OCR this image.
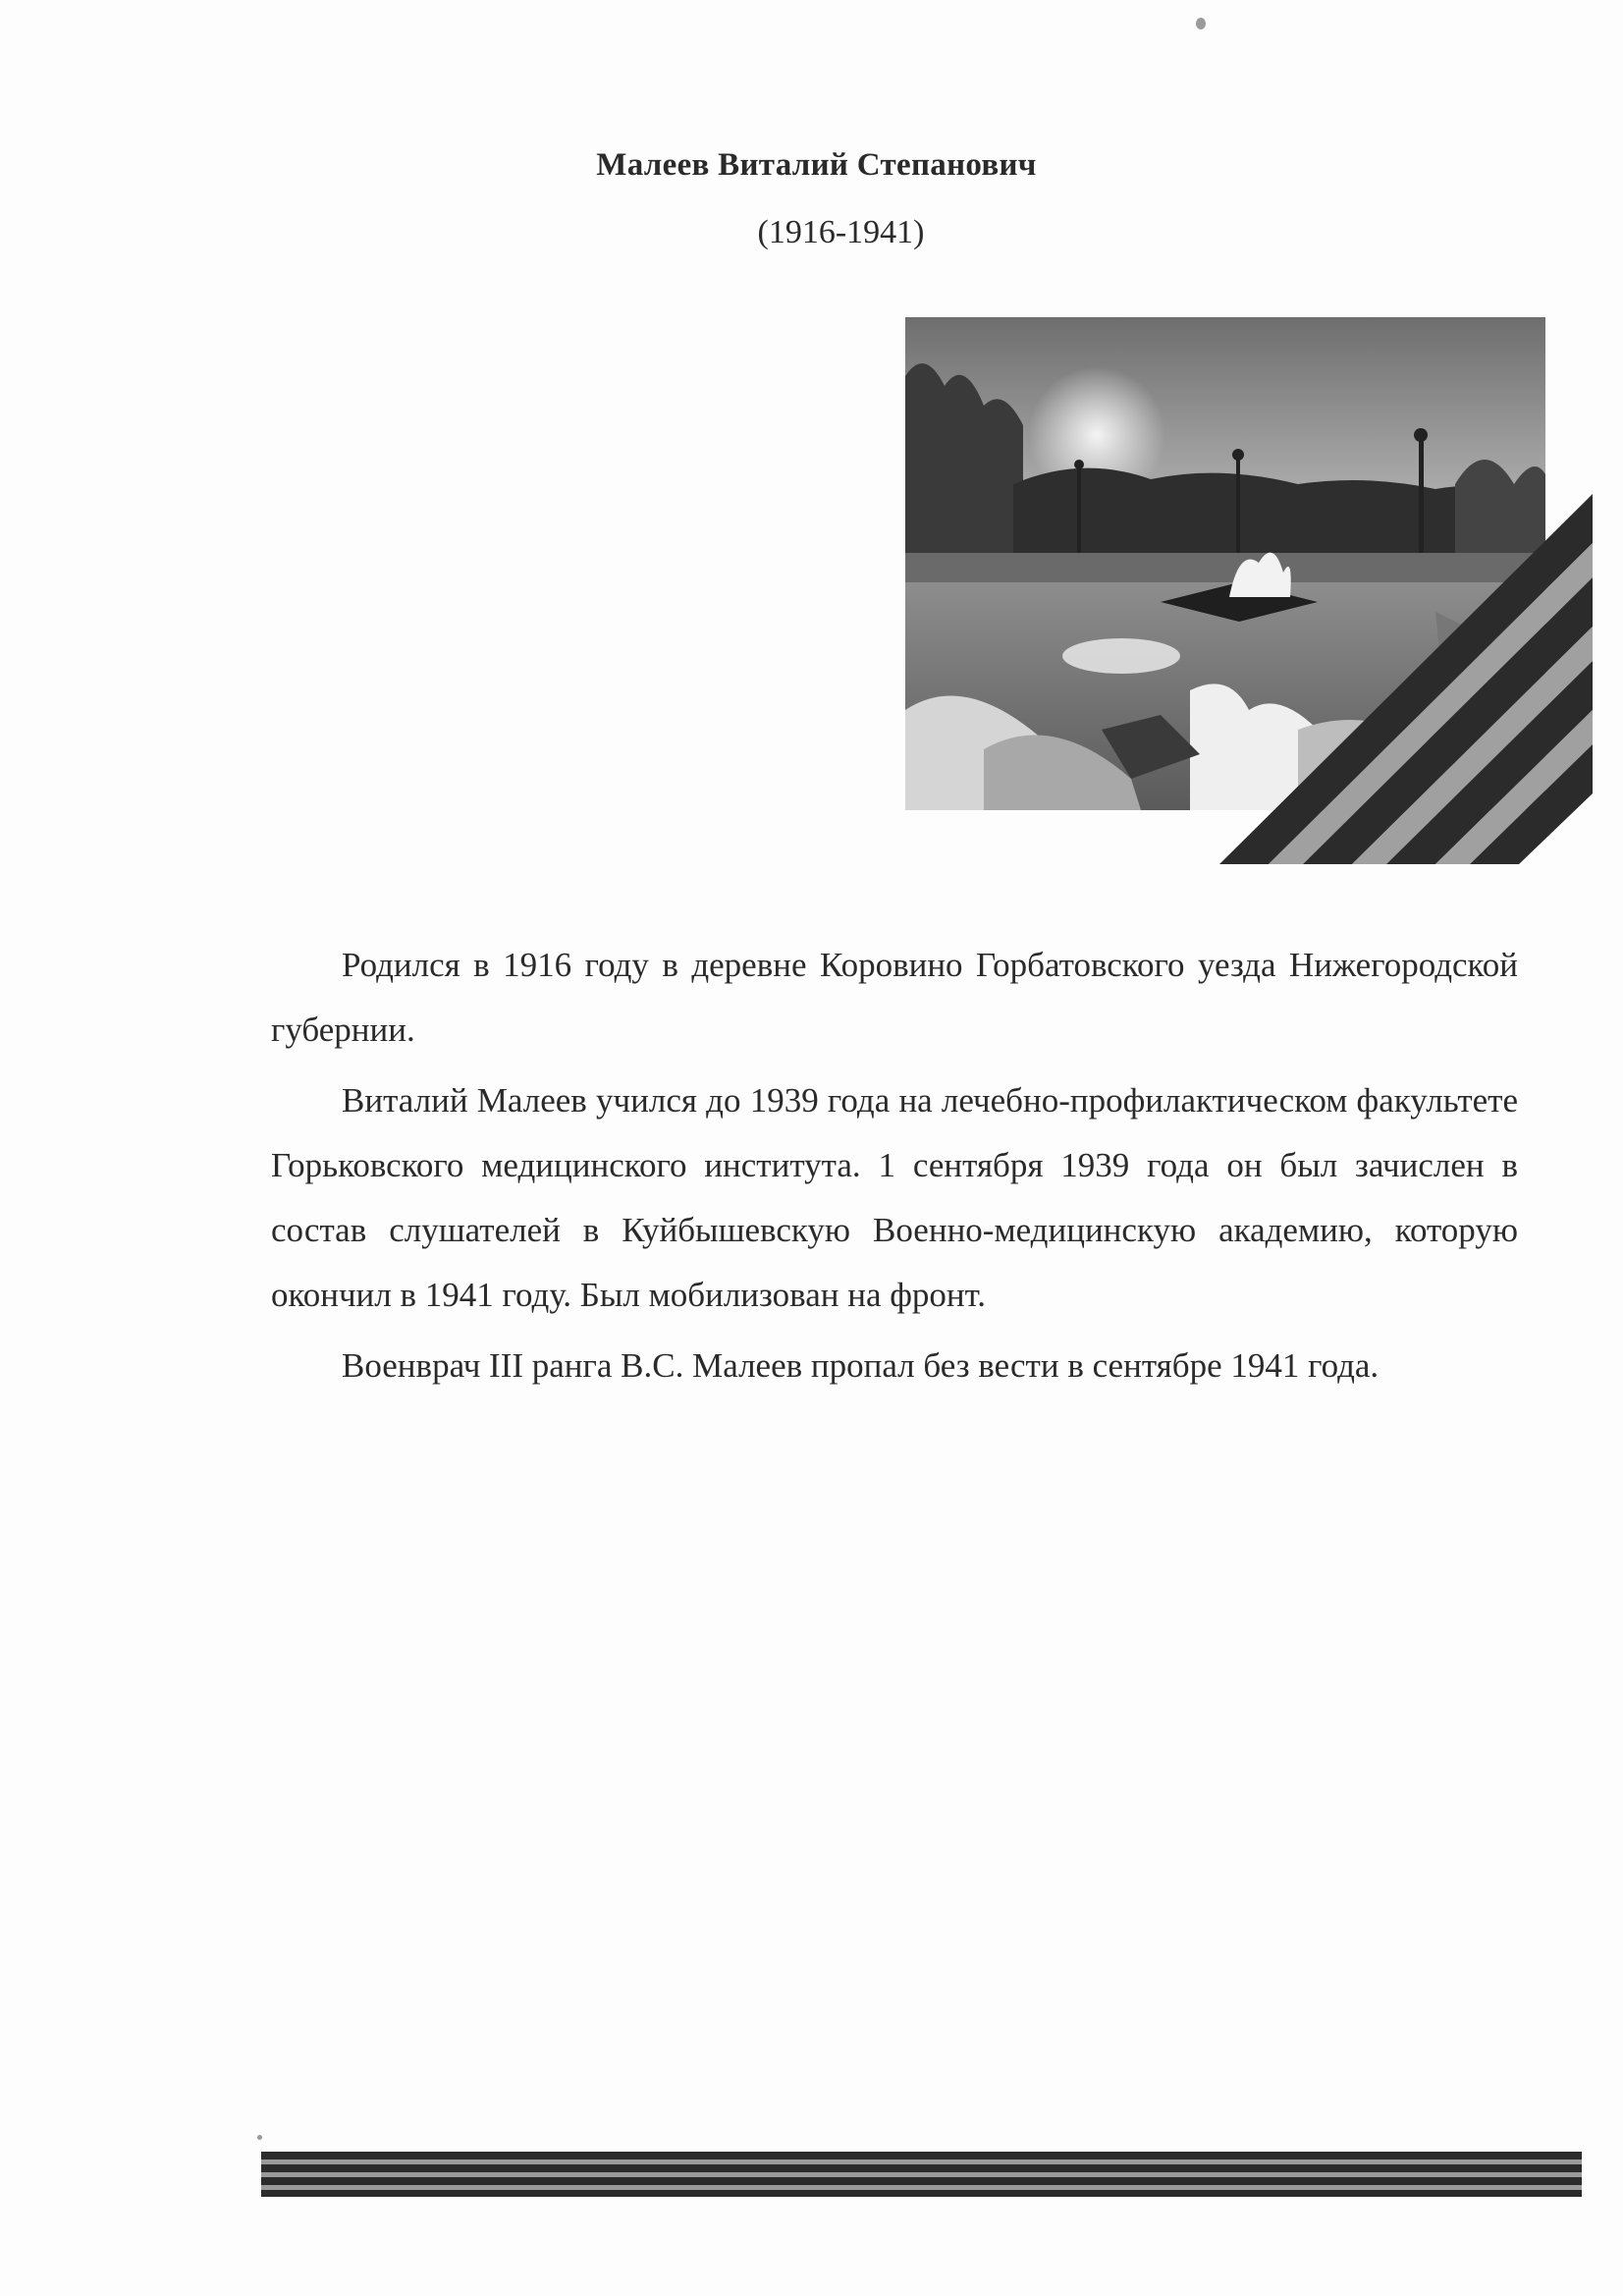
Малеев Виталий Степанович
(1916-1941)

Родился в 1916 году в деревне Коровино Горбатовского уезда Нижегородской губернии.

Виталий Малеев учился до 1939 года на лечебно-профилактическом факультете Горьковского медицинского института. 1 сентября 1939 года он был зачислен в состав слушателей в Куйбышевскую Военно-медицинскую академию, которую окончил в 1941 году. Был мобилизован на фронт.

Военврач III ранга В.С. Малеев пропал без вести в сентябре 1941 года.
